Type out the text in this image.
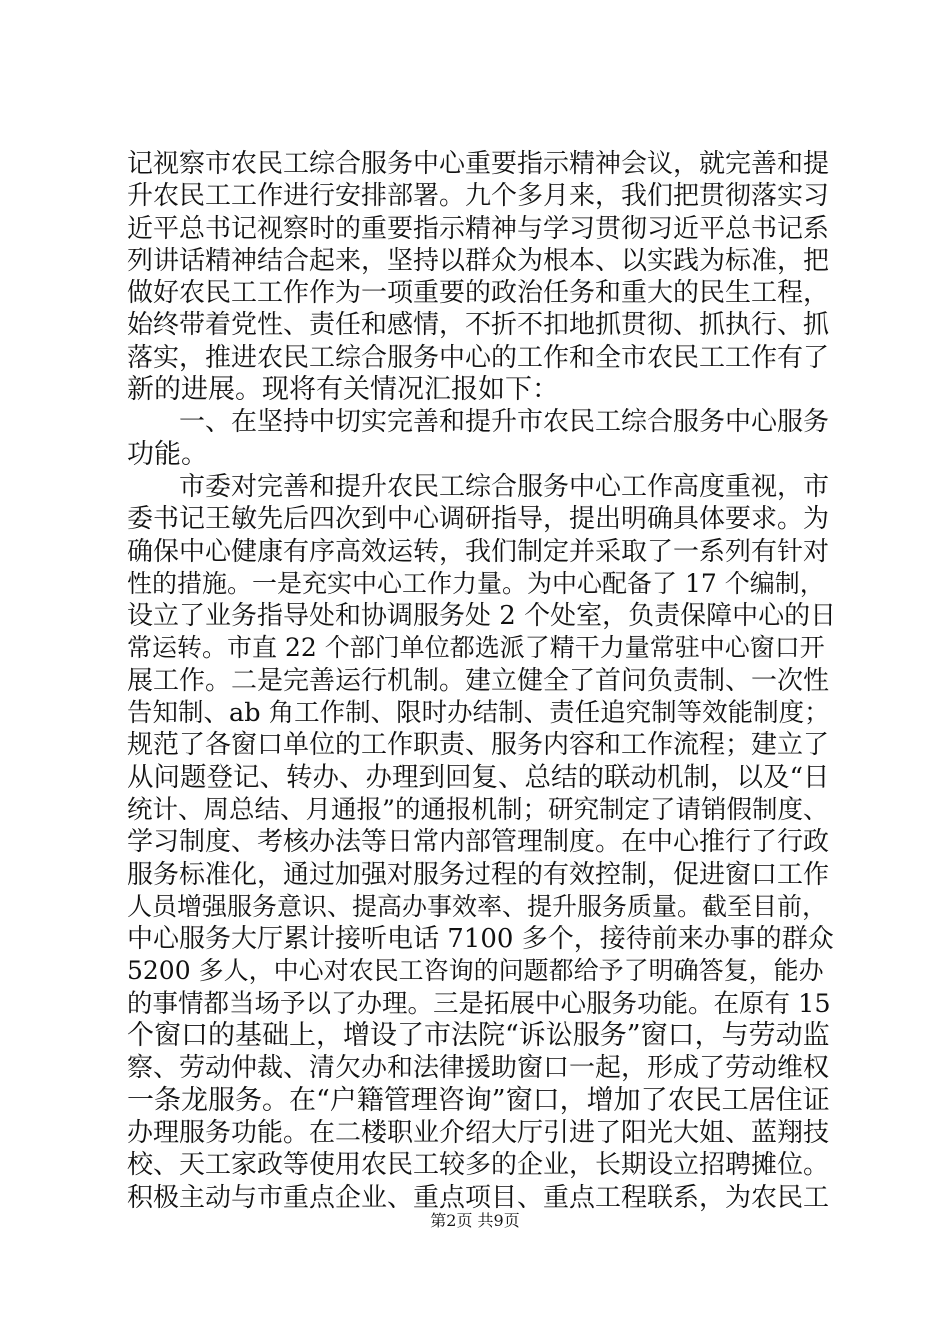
记视察市农民工综合服务中心重要指示精神会议，就完善和提
升农民工工作进行安排部署。九个多月来，我们把贯彻落实习
近平总书记视察时的重要指示精神与学习贯彻习近平总书记系
列讲话精神结合起来，坚持以群众为根本、以实践为标准，把
做好农民工工作作为一项重要的政治任务和重大的民生工程，
始终带着党性、责任和感情，不折不扣地抓贯彻、抓执行、抓
落实，推进农民工综合服务中心的工作和全市农民工工作有了
新的进展。现将有关情况汇报如下：
　　一、在坚持中切实完善和提升市农民工综合服务中心服务
功能。
　　市委对完善和提升农民工综合服务中心工作高度重视，市
委书记王敏先后四次到中心调研指导，提出明确具体要求。为
确保中心健康有序高效运转，我们制定并采取了一系列有针对
性的措施。一是充实中心工作力量。为中心配备了 17 个编制，
设立了业务指导处和协调服务处 2 个处室，负责保障中心的日
常运转。市直 22 个部门单位都选派了精干力量常驻中心窗口开
展工作。二是完善运行机制。建立健全了首问负责制、一次性
告知制、ab 角工作制、限时办结制、责任追究制等效能制度；
规范了各窗口单位的工作职责、服务内容和工作流程；建立了
从问题登记、转办、办理到回复、总结的联动机制，以及“日
统计、周总结、月通报”的通报机制；研究制定了请销假制度、
学习制度、考核办法等日常内部管理制度。在中心推行了行政
服务标准化，通过加强对服务过程的有效控制，促进窗口工作
人员增强服务意识、提高办事效率、提升服务质量。截至目前，
中心服务大厅累计接听电话 7100 多个，接待前来办事的群众
5200 多人，中心对农民工咨询的问题都给予了明确答复，能办
的事情都当场予以了办理。三是拓展中心服务功能。在原有 15
个窗口的基础上，增设了市法院“诉讼服务”窗口，与劳动监
察、劳动仲裁、清欠办和法律援助窗口一起，形成了劳动维权
一条龙服务。在“户籍管理咨询”窗口，增加了农民工居住证
办理服务功能。在二楼职业介绍大厅引进了阳光大姐、蓝翔技
校、天工家政等使用农民工较多的企业，长期设立招聘摊位。
积极主动与市重点企业、重点项目、重点工程联系，为农民工
第2页 共9页
